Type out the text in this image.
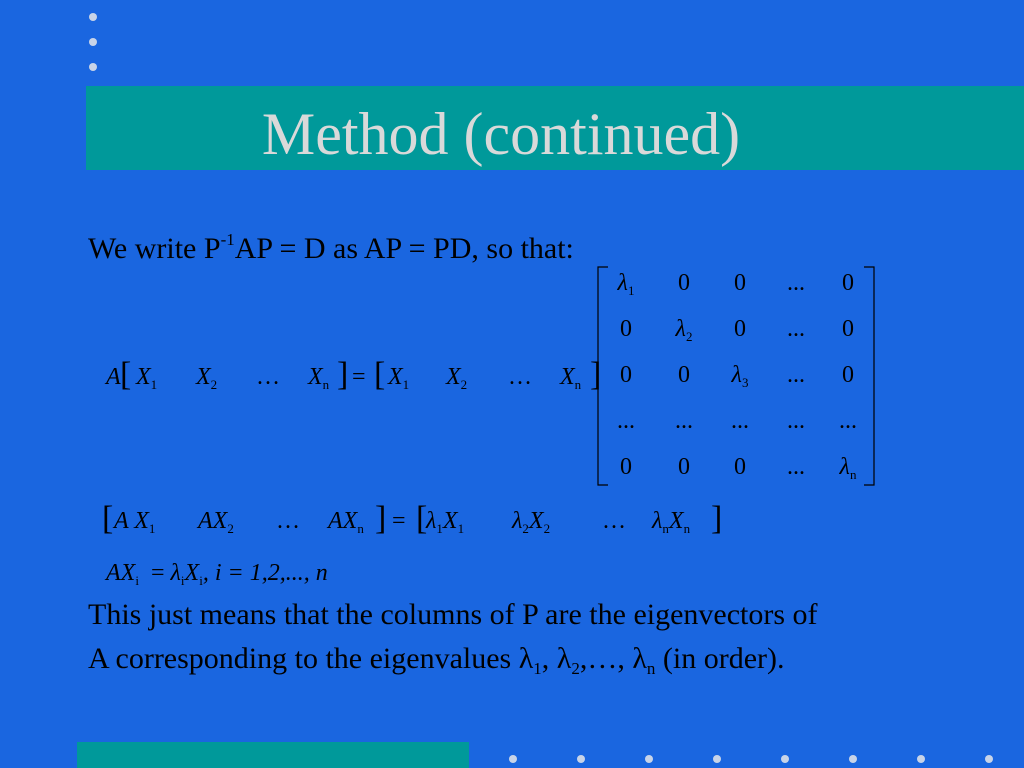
Method (continued)
We write $P^{-1}AP = D$ as AP = PD, so that:
A [ $X_1$ $X_2$ … $X_n$ ] = [ $X_1$ $X_2$ … $X_n$ ]
$\lambda_1$	0	0	...	0
0	$\lambda_2$	0	...	0
0	0	$\lambda_3$	...	0
...	...	...	...	...
0	0	0	...	$\lambda_n$
[ A $X_1$ $AX_2$ … $AX_n$ ] = [
$\lambda_1X_1$ $\lambda_2X_2$ … $\lambda_nX_n$ ]
$AX_i = \lambda_iX_i$, i = 1,2,..., n
This just means that the columns of P are the eigenvectors of
A corresponding to the eigenvalues $\lambda_1$, $\lambda_2,\dots$, $\lambda_n$ (in order).
